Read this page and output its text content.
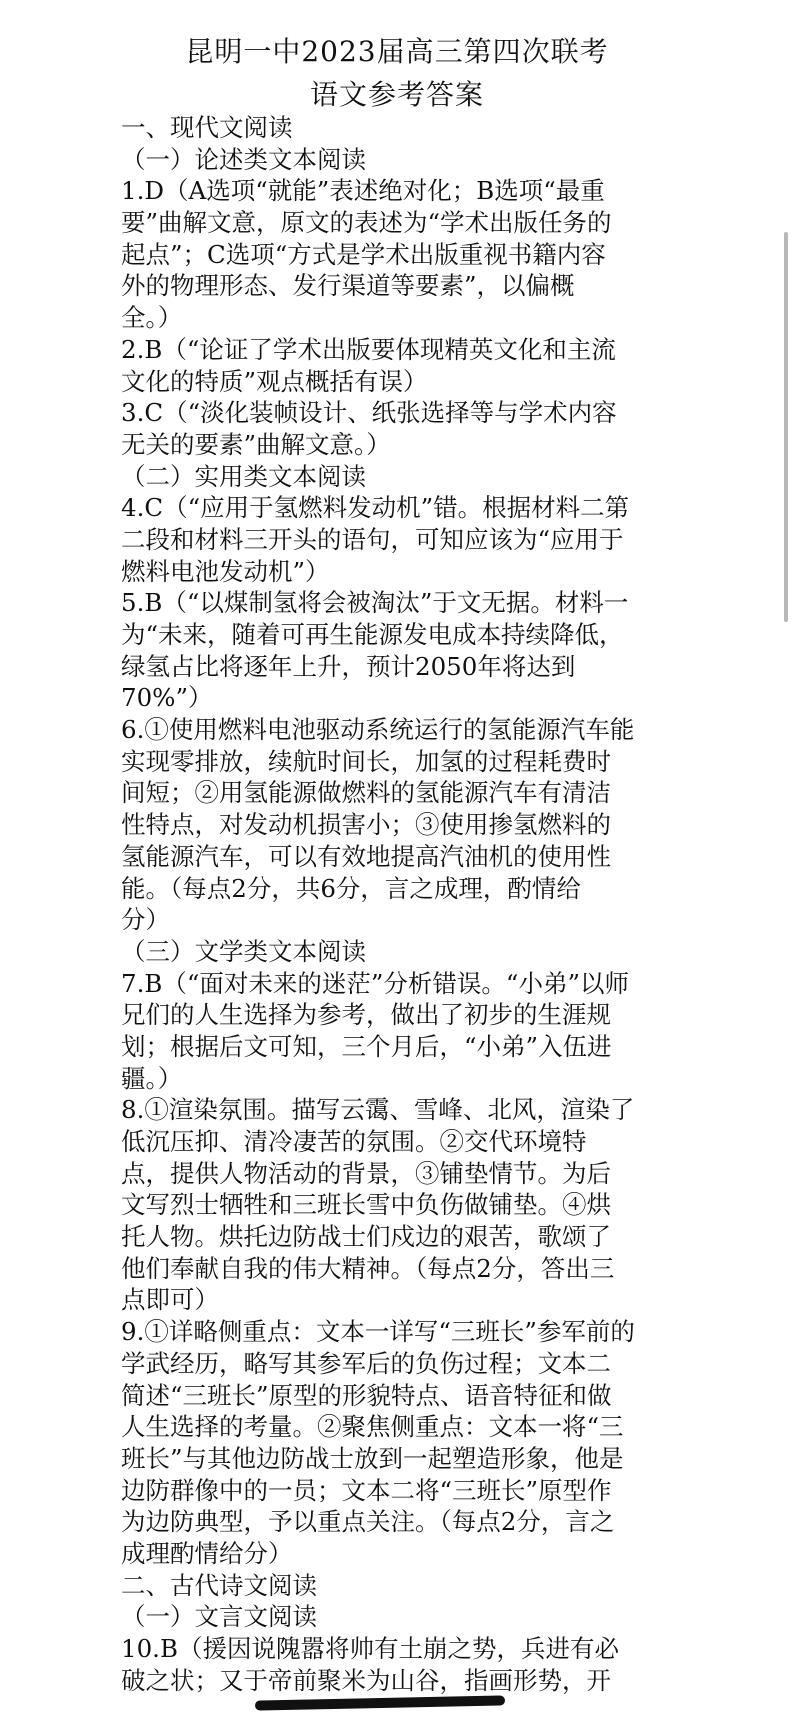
昆明一中2023届高三第四次联考
语文参考答案
一、现代文阅读
（一）论述类文本阅读
1.D（A选项“就能”表述绝对化；B选项“最重
要”曲解文意，原文的表述为“学术出版任务的
起点”；C选项“方式是学术出版重视书籍内容
外的物理形态、发行渠道等要素”，以偏概
全。）
2.B（“论证了学术出版要体现精英文化和主流
文化的特质”观点概括有误）
3.C（“淡化装帧设计、纸张选择等与学术内容
无关的要素”曲解文意。）
（二）实用类文本阅读
4.C（“应用于氢燃料发动机”错。根据材料二第
二段和材料三开头的语句，可知应该为“应用于
燃料电池发动机”）
5.B（“以煤制氢将会被淘汰”于文无据。材料一
为“未来，随着可再生能源发电成本持续降低，
绿氢占比将逐年上升，预计2050年将达到
70%”）
6.①使用燃料电池驱动系统运行的氢能源汽车能
实现零排放，续航时间长，加氢的过程耗费时
间短；②用氢能源做燃料的氢能源汽车有清洁
性特点，对发动机损害小；③使用掺氢燃料的
氢能源汽车，可以有效地提高汽油机的使用性
能。（每点2分，共6分，言之成理，酌情给
分）
（三）文学类文本阅读
7.B（“面对未来的迷茫”分析错误。“小弟”以师
兄们的人生选择为参考，做出了初步的生涯规
划；根据后文可知，三个月后，“小弟”入伍进
疆。）
8.①渲染氛围。描写云霭、雪峰、北风，渲染了
低沉压抑、清冷凄苦的氛围。②交代环境特
点，提供人物活动的背景，③铺垫情节。为后
文写烈士牺牲和三班长雪中负伤做铺垫。④烘
托人物。烘托边防战士们戍边的艰苦，歌颂了
他们奉献自我的伟大精神。（每点2分，答出三
点即可）
9.①详略侧重点：文本一详写“三班长”参军前的
学武经历，略写其参军后的负伤过程；文本二
简述“三班长”原型的形貌特点、语音特征和做
人生选择的考量。②聚焦侧重点：文本一将“三
班长”与其他边防战士放到一起塑造形象，他是
边防群像中的一员；文本二将“三班长”原型作
为边防典型，予以重点关注。（每点2分，言之
成理酌情给分）
二、古代诗文阅读
（一）文言文阅读
10.B（援因说隗嚣将帅有土崩之势，兵进有必
破之状；又于帝前聚米为山谷，指画形势，开
